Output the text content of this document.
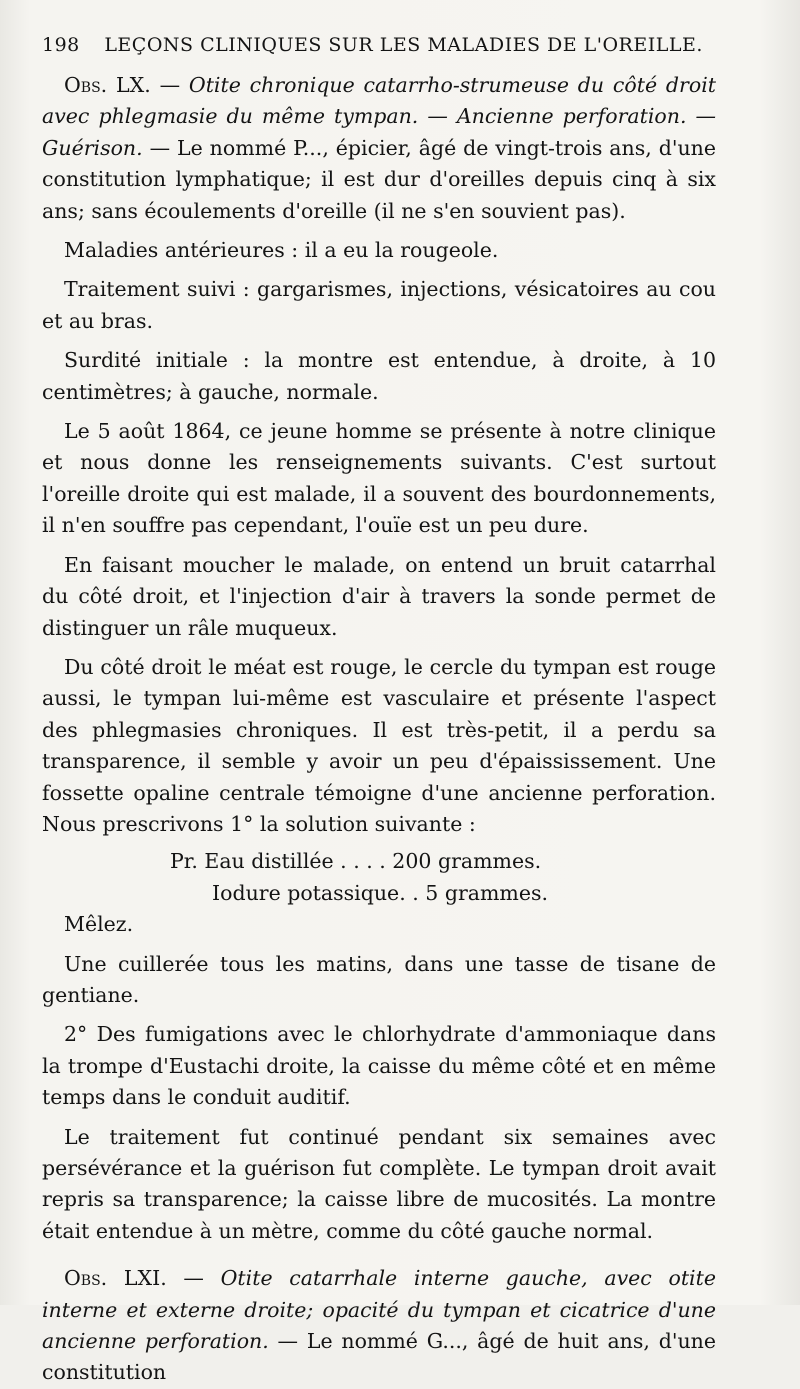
198 LEÇONS CLINIQUES SUR LES MALADIES DE L'OREILLE.

Obs. LX. — Otite chronique catarrho-strumeuse du côté droit avec phlegmasie du même tympan. — Ancienne perforation. — Guérison. — Le nommé P..., épicier, âgé de vingt-trois ans, d'une constitution lymphatique; il est dur d'oreilles depuis cinq à six ans; sans écoulements d'oreille (il ne s'en souvient pas).

Maladies antérieures : il a eu la rougeole.

Traitement suivi : gargarismes, injections, vésicatoires au cou et au bras.

Surdité initiale : la montre est entendue, à droite, à 10 centimètres; à gauche, normale.

Le 5 août 1864, ce jeune homme se présente à notre clinique et nous donne les renseignements suivants. C'est surtout l'oreille droite qui est malade, il a souvent des bourdonnements, il n'en souffre pas cependant, l'ouïe est un peu dure.

En faisant moucher le malade, on entend un bruit catarrhal du côté droit, et l'injection d'air à travers la sonde permet de distinguer un râle muqueux.

Du côté droit le méat est rouge, le cercle du tympan est rouge aussi, le tympan lui-même est vasculaire et présente l'aspect des phlegmasies chroniques. Il est très-petit, il a perdu sa transparence, il semble y avoir un peu d'épaississement. Une fossette opaline centrale témoigne d'une ancienne perforation. Nous prescrivons 1° la solution suivante :

Pr. Eau distillée . . . . 200 grammes.
Iodure potassique. . 5 grammes.
Mêlez.

Une cuillerée tous les matins, dans une tasse de tisane de gentiane.

2° Des fumigations avec le chlorhydrate d'ammoniaque dans la trompe d'Eustachi droite, la caisse du même côté et en même temps dans le conduit auditif.

Le traitement fut continué pendant six semaines avec persévérance et la guérison fut complète. Le tympan droit avait repris sa transparence; la caisse libre de mucosités. La montre était entendue à un mètre, comme du côté gauche normal.

Obs. LXI. — Otite catarrhale interne gauche, avec otite interne et externe droite; opacité du tympan et cicatrice d'une ancienne perforation. — Le nommé G..., âgé de huit ans, d'une constitution
